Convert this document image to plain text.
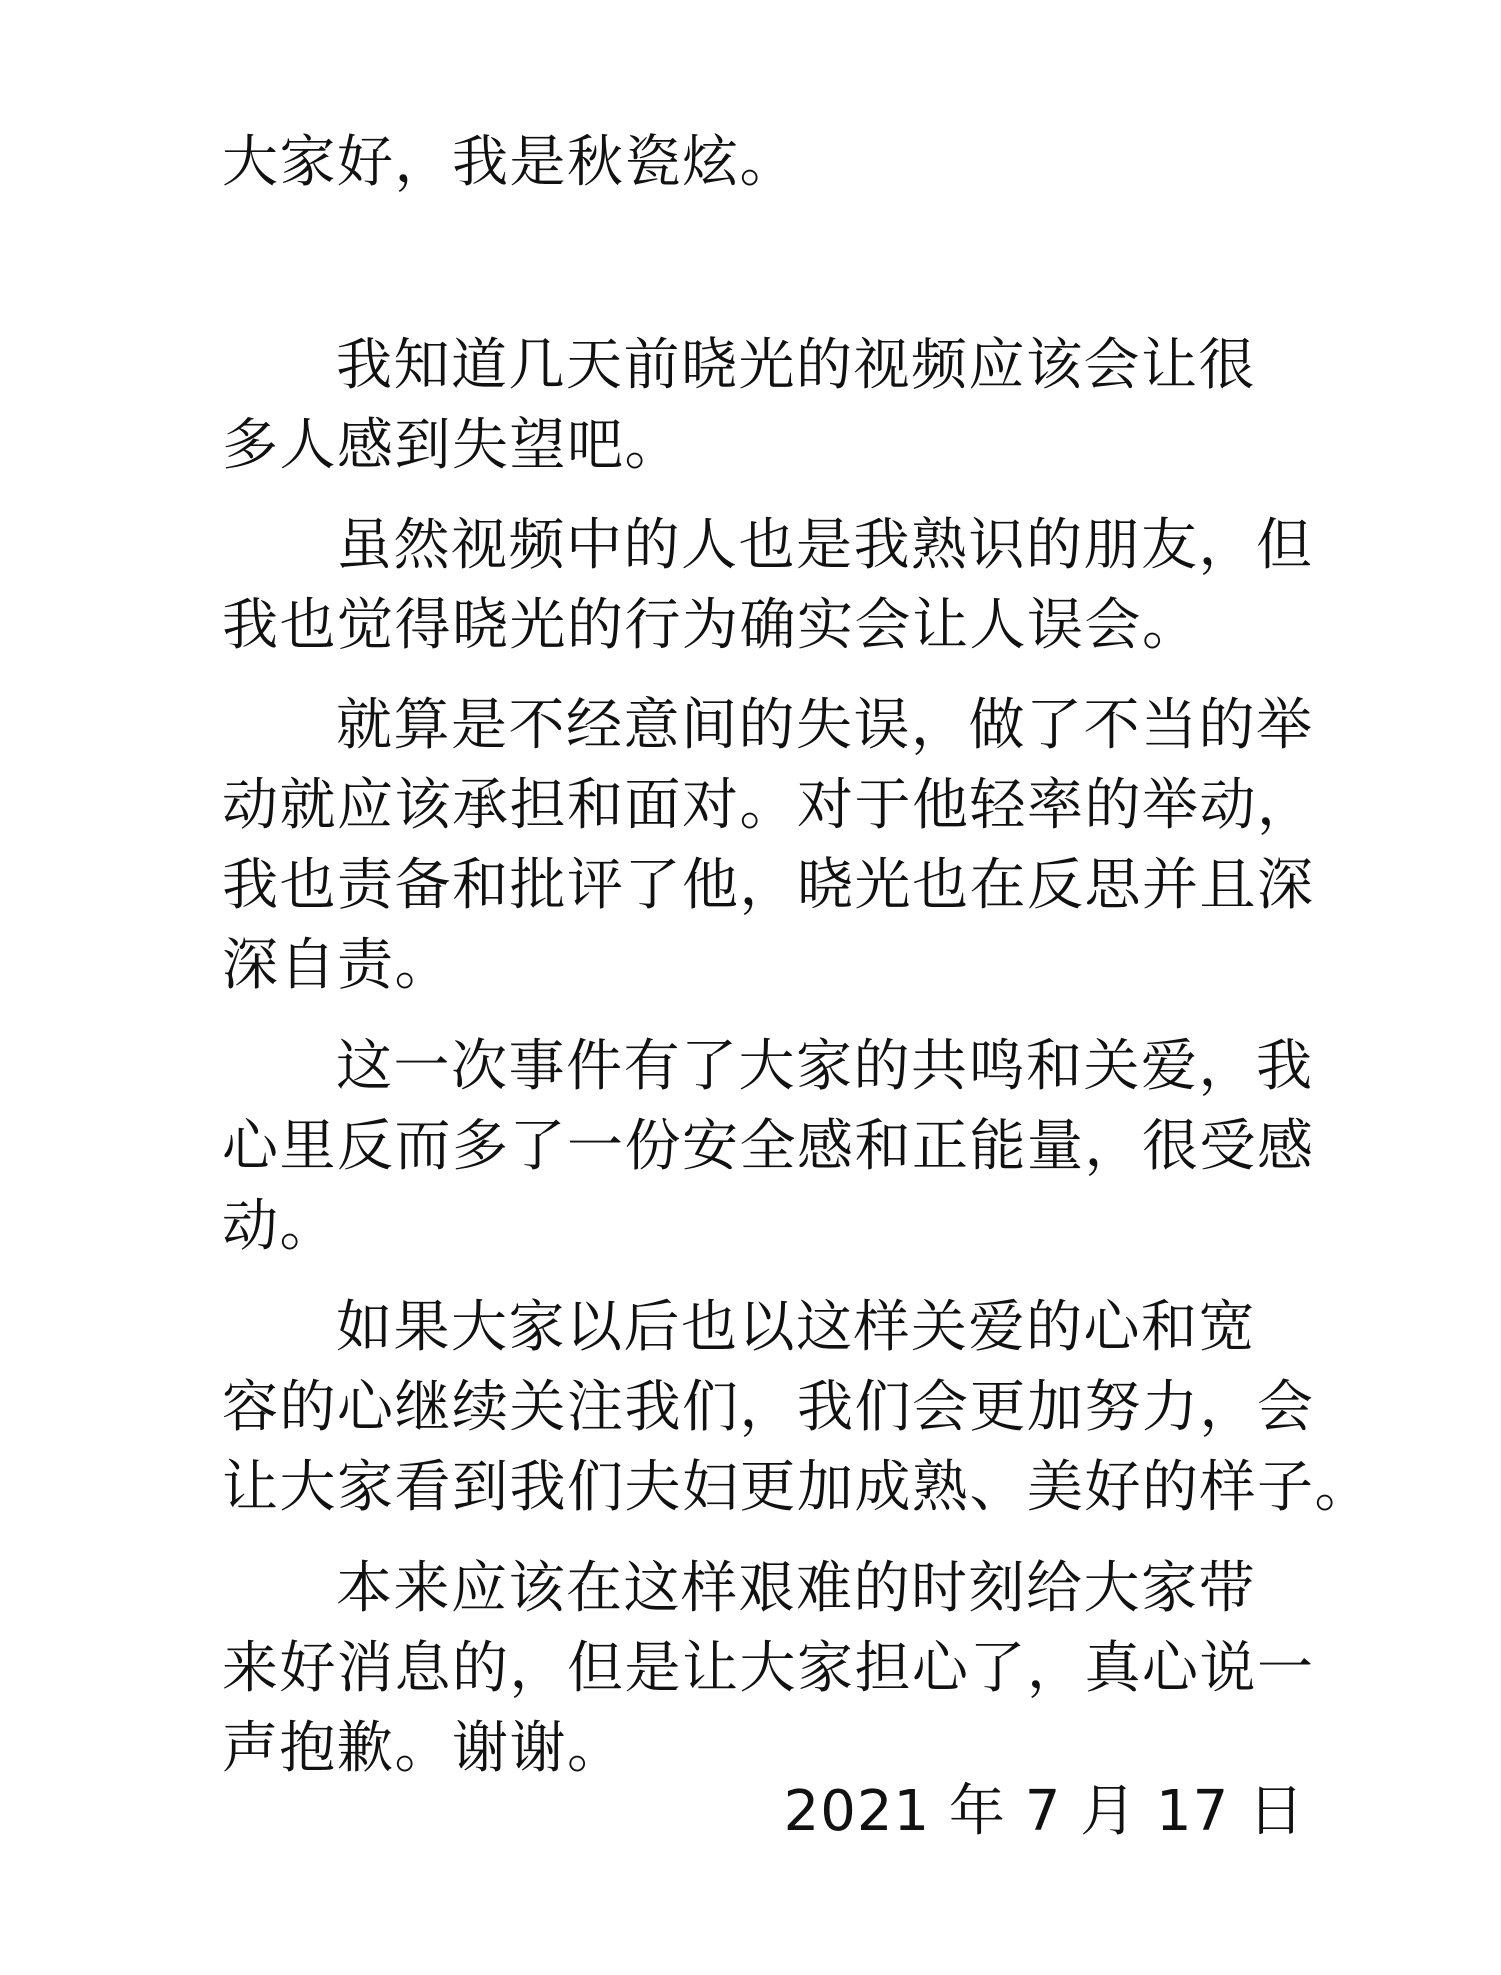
大家好，我是秋瓷炫。
我知道几天前晓光的视频应该会让很
多人感到失望吧。
虽然视频中的人也是我熟识的朋友，但
我也觉得晓光的行为确实会让人误会。
就算是不经意间的失误，做了不当的举
动就应该承担和面对。对于他轻率的举动，
我也责备和批评了他，晓光也在反思并且深
深自责。
这一次事件有了大家的共鸣和关爱，我
心里反而多了一份安全感和正能量，很受感
动。
如果大家以后也以这样关爱的心和宽
容的心继续关注我们，我们会更加努力，会
让大家看到我们夫妇更加成熟、美好的样子。
本来应该在这样艰难的时刻给大家带
来好消息的，但是让大家担心了，真心说一
声抱歉。谢谢。
2021 年 7 月 17 日
